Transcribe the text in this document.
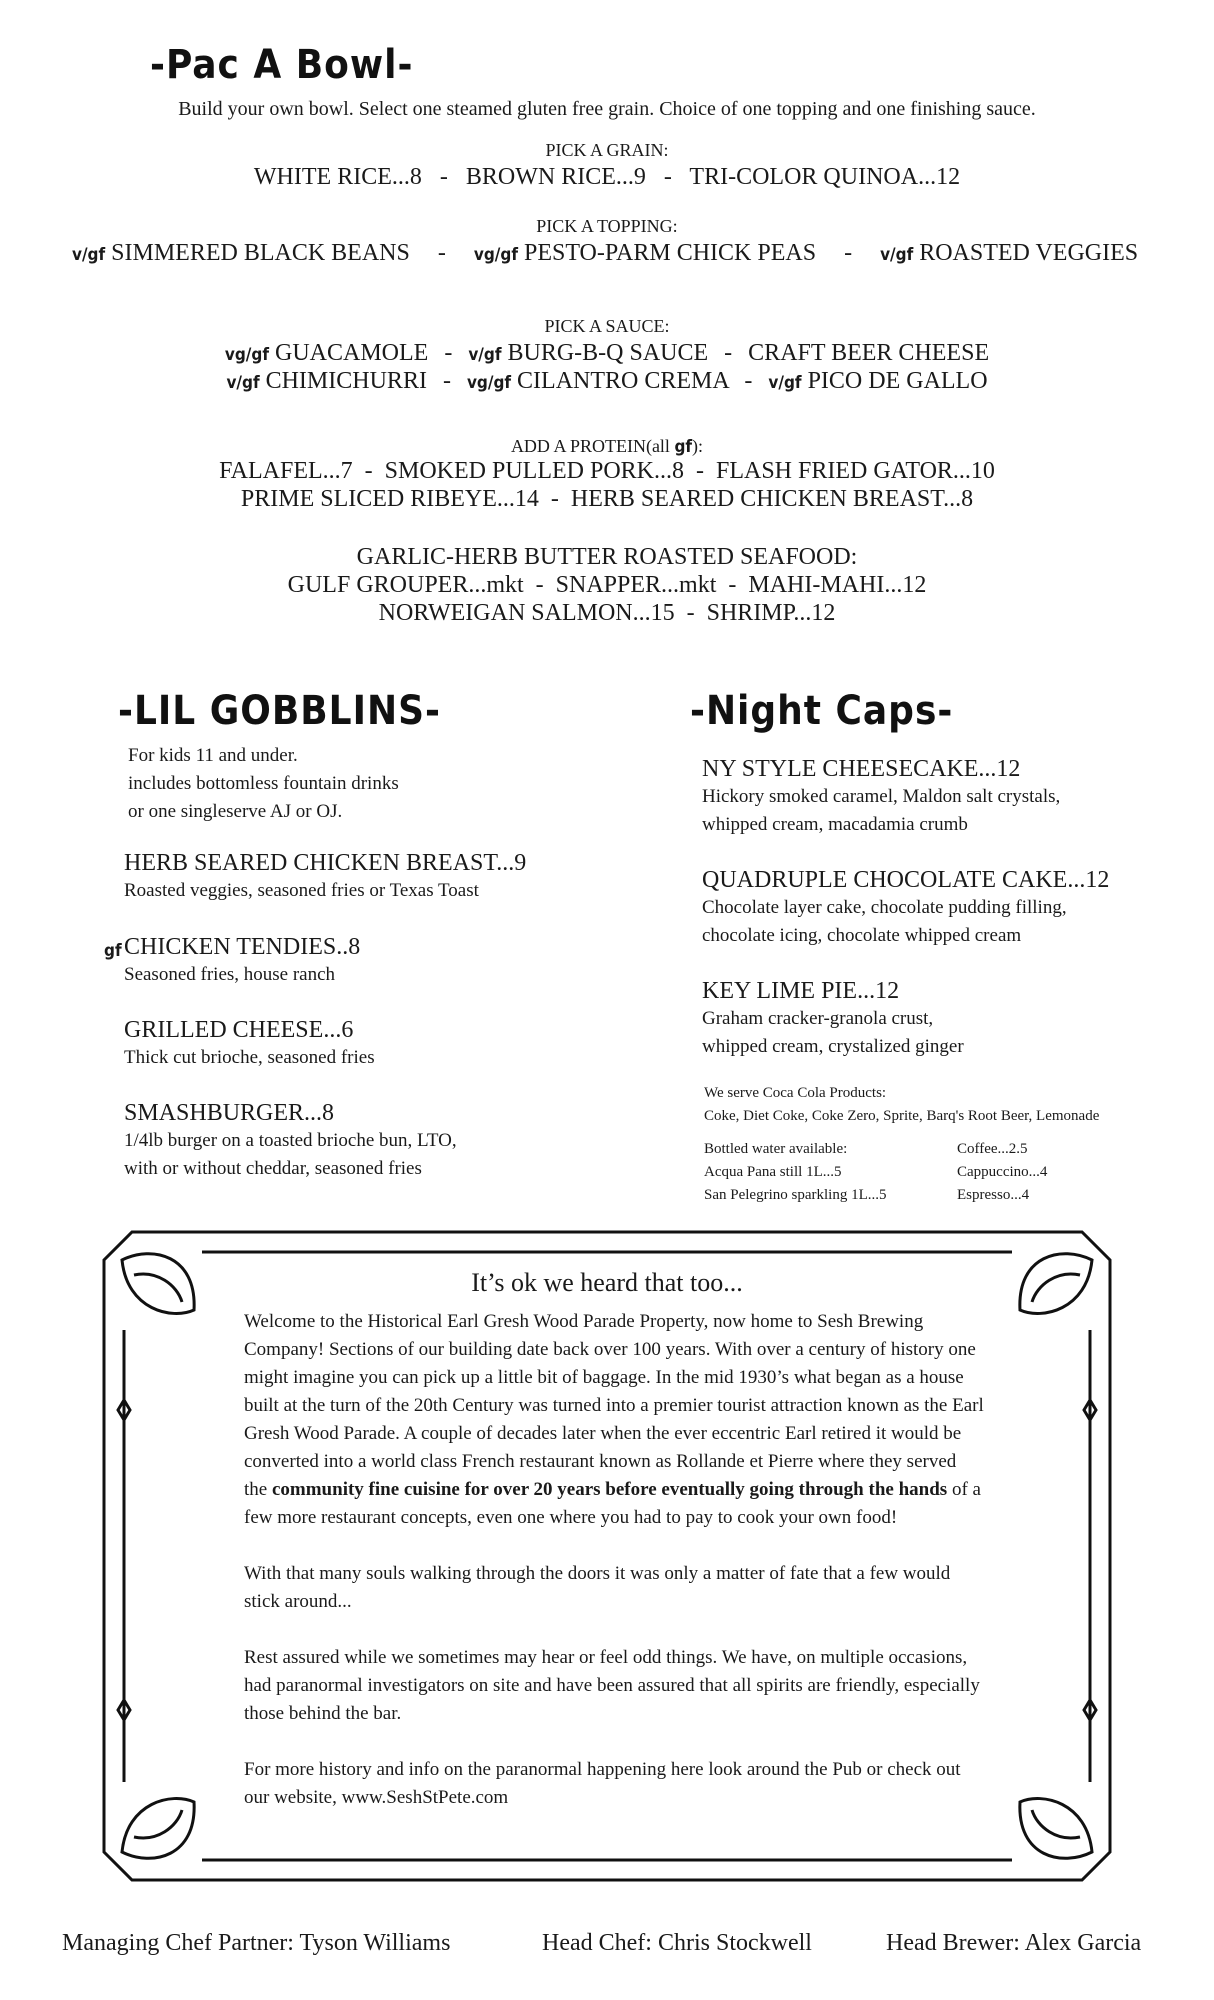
-Pac A Bowl-
Build your own bowl. Select one steamed gluten free grain. Choice of one topping and one finishing sauce.
PICK A GRAIN:
WHITE RICE...8   -   BROWN RICE...9   -   TRI-COLOR QUINOA...12
PICK A TOPPING:
v/gf SIMMERED BLACK BEANS - vg/gf PESTO-PARM CHICK PEAS - v/gf ROASTED VEGGIES
PICK A SAUCE:
vg/gf GUACAMOLE - v/gf BURG-B-Q SAUCE - CRAFT BEER CHEESE
v/gf CHIMICHURRI - vg/gf CILANTRO CREMA - v/gf PICO DE GALLO
ADD A PROTEIN(all gf):
FALAFEL...7  -  SMOKED PULLED PORK...8  -  FLASH FRIED GATOR...10
PRIME SLICED RIBEYE...14  -  HERB SEARED CHICKEN BREAST...8
GARLIC-HERB BUTTER ROASTED SEAFOOD:
GULF GROUPER...mkt  -  SNAPPER...mkt  -  MAHI-MAHI...12
NORWEIGAN SALMON...15  -  SHRIMP...12
-LIL GOBBLINS-
For kids 11 and under.
includes bottomless fountain drinks
or one singleserve AJ or OJ.
HERB SEARED CHICKEN BREAST...9
Roasted veggies, seasoned fries or Texas Toast
gf CHICKEN TENDIES..8
Seasoned fries, house ranch
GRILLED CHEESE...6
Thick cut brioche, seasoned fries
SMASHBURGER...8
1/4lb burger on a toasted brioche bun, LTO,
with or without cheddar, seasoned fries
-Night Caps-
NY STYLE CHEESECAKE...12
Hickory smoked caramel, Maldon salt crystals,
whipped cream, macadamia crumb
QUADRUPLE CHOCOLATE CAKE...12
Chocolate layer cake, chocolate pudding filling,
chocolate icing, chocolate whipped cream
KEY LIME PIE...12
Graham cracker-granola crust,
whipped cream, crystalized ginger
We serve Coca Cola Products:
Coke, Diet Coke, Coke Zero, Sprite, Barq's Root Beer, Lemonade
Bottled water available:
Acqua Pana still 1L...5
San Pelegrino sparkling 1L...5
Coffee...2.5
Cappuccino...4
Espresso...4
It’s ok we heard that too...

Welcome to the Historical Earl Gresh Wood Parade Property, now home to Sesh Brewing Company! Sections of our building date back over 100 years. With over a century of history one might imagine you can pick up a little bit of baggage. In the mid 1930’s what began as a house built at the turn of the 20th Century was turned into a premier tourist attraction known as the Earl Gresh Wood Parade. A couple of decades later when the ever eccentric Earl retired it would be converted into a world class French restaurant known as Rollande et Pierre where they served the community fine cuisine for over 20 years before eventually going through the hands of a few more restaurant concepts, even one where you had to pay to cook your own food!

With that many souls walking through the doors it was only a matter of fate that a few would stick around...

Rest assured while we sometimes may hear or feel odd things. We have, on multiple occasions, had paranormal investigators on site and have been assured that all spirits are friendly, especially those behind the bar.

For more history and info on the paranormal happening here look around the Pub or check out our website, www.SeshStPete.com

Managing Chef Partner: Tyson Williams	Head Chef: Chris Stockwell	Head Brewer: Alex Garcia
